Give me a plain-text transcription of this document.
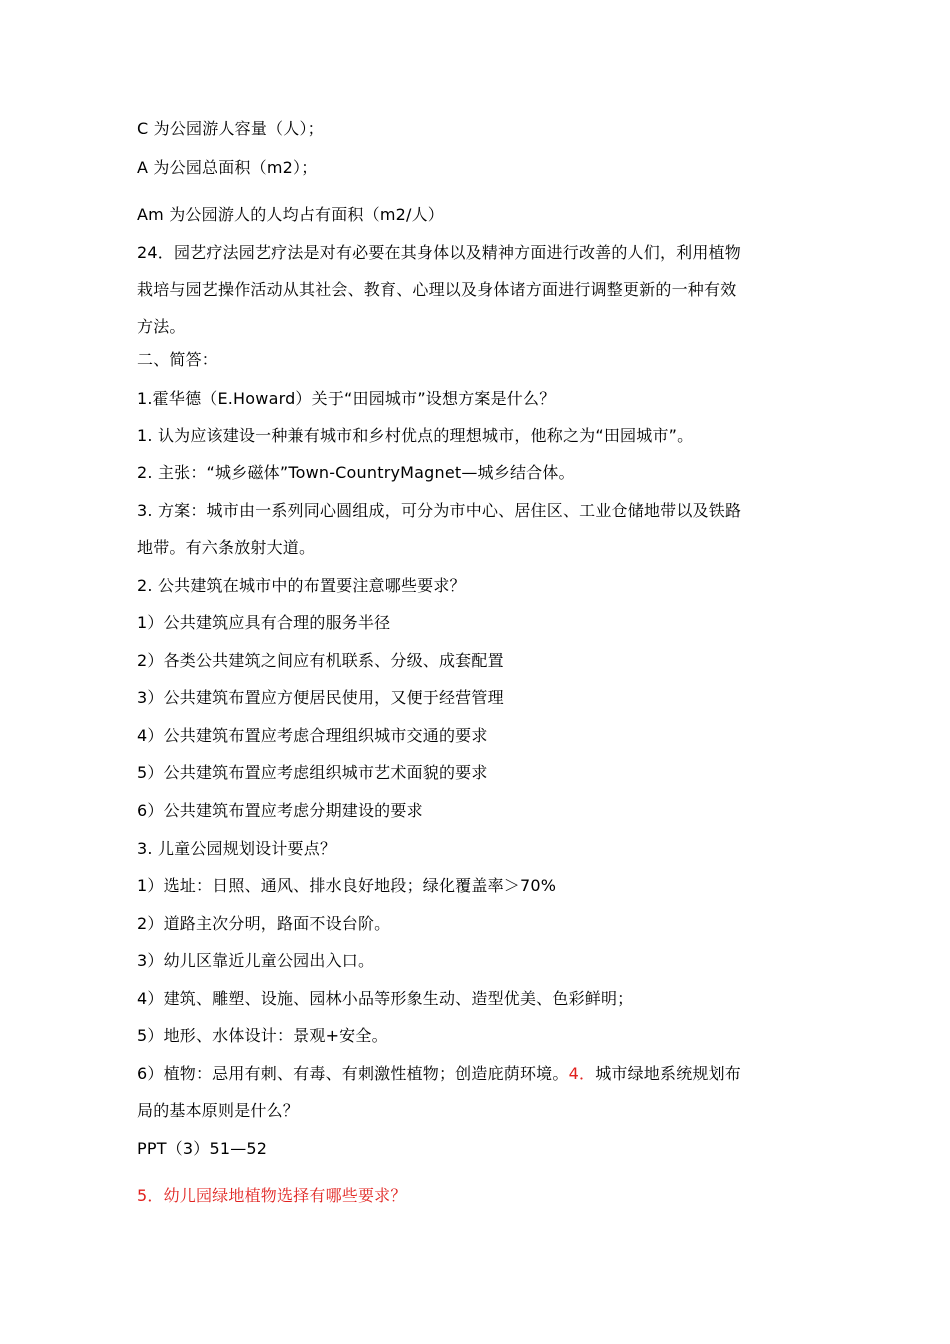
C 为公园游人容量（人）；
A 为公园总面积（m2）；
Am 为公园游人的人均占有面积（m2/人）
24．园艺疗法园艺疗法是对有必要在其身体以及精神方面进行改善的人们，利用植物
栽培与园艺操作活动从其社会、教育、心理以及身体诸方面进行调整更新的一种有效
方法。
二、简答：
1.霍华德（E.Howard）关于“田园城市”设想方案是什么？
1. 认为应该建设一种兼有城市和乡村优点的理想城市，他称之为“田园城市”。
2. 主张：“城乡磁体”Town-CountryMagnet—城乡结合体。
3. 方案：城市由一系列同心圆组成，可分为市中心、居住区、工业仓储地带以及铁路
地带。有六条放射大道。
2. 公共建筑在城市中的布置要注意哪些要求？
1）公共建筑应具有合理的服务半径
2）各类公共建筑之间应有机联系、分级、成套配置
3）公共建筑布置应方便居民使用，又便于经营管理
4）公共建筑布置应考虑合理组织城市交通的要求
5）公共建筑布置应考虑组织城市艺术面貌的要求
6）公共建筑布置应考虑分期建设的要求
3. 儿童公园规划设计要点？
1）选址：日照、通风、排水良好地段；绿化覆盖率＞70%
2）道路主次分明，路面不设台阶。
3）幼儿区靠近儿童公园出入口。
4）建筑、雕塑、设施、园林小品等形象生动、造型优美、色彩鲜明；
5）地形、水体设计：景观+安全。
6）植物：忌用有刺、有毒、有刺激性植物；创造庇荫环境。4．城市绿地系统规划布
局的基本原则是什么？
PPT（3）51—52
5．幼儿园绿地植物选择有哪些要求？
